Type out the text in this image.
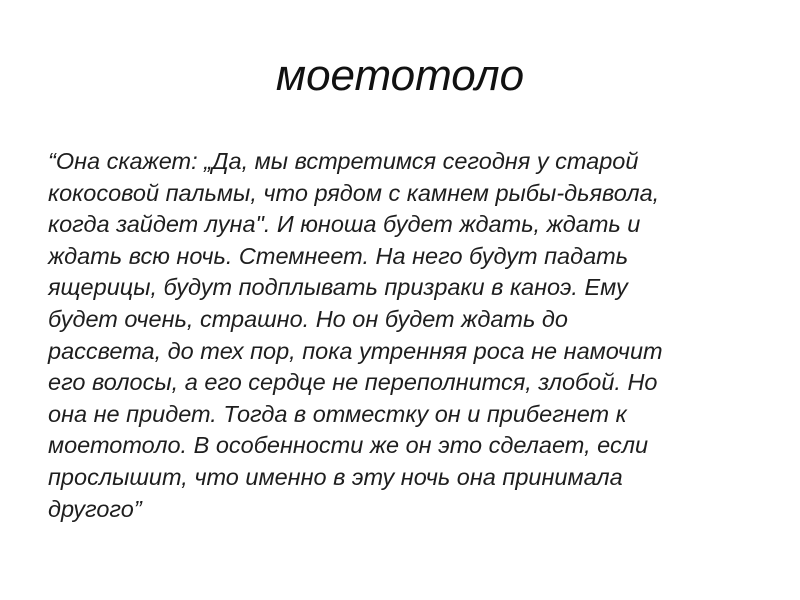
моетотоло
“Она скажет: „Да, мы встретимся сегодня у старой
кокосовой пальмы, что рядом с камнем рыбы-дьявола,
когда зайдет луна". И юноша будет ждать, ждать и
ждать всю ночь. Стемнеет. На него будут падать
ящерицы, будут подплывать призраки в каноэ. Ему
будет очень, страшно. Но он будет ждать до
рассвета, до тех пор, пока утренняя роса не намочит
его волосы, а его сердце не переполнится, злобой. Но
она не придет. Тогда в отместку он и прибегнет к
моетотоло. В особенности же он это сделает, если
прослышит, что именно в эту ночь она принимала
другого”
